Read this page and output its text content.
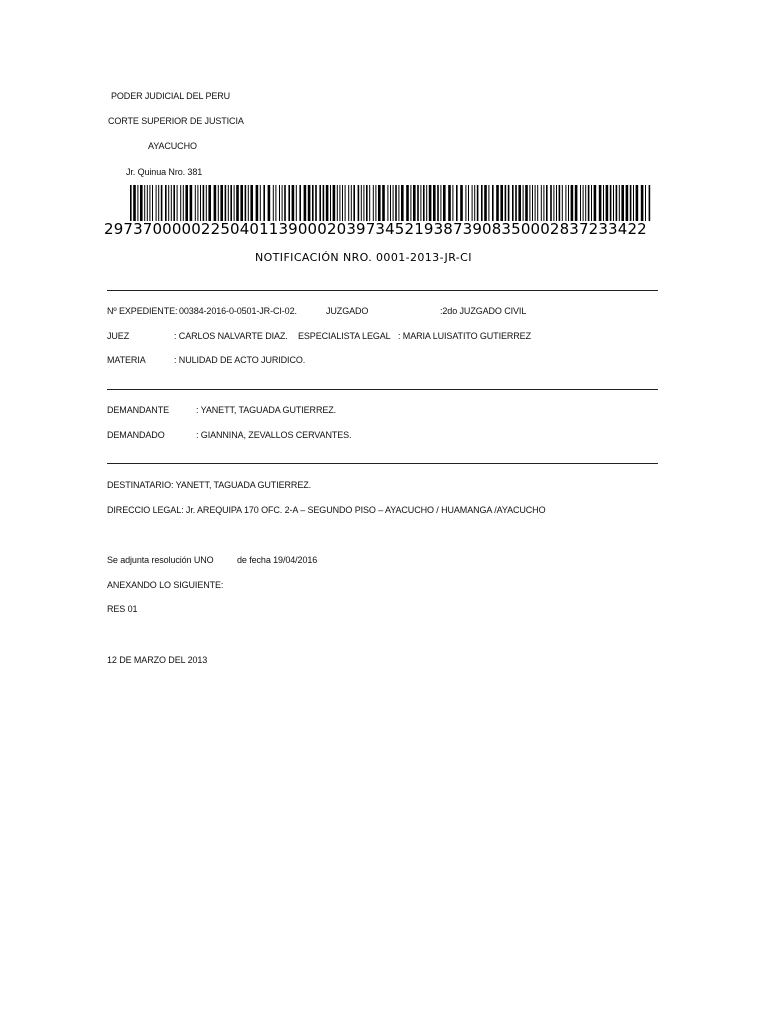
PODER JUDICIAL DEL PERU
CORTE SUPERIOR DE JUSTICIA
AYACUCHO
Jr. Quinua Nro. 381
29737000002250401139000203973452193873908350002837233422
NOTIFICACIÓN NRO. 0001-2013-JR-CI
Nº EXPEDIENTE: 00384-2016-0-0501-JR-CI-02.	JUZGADO	:2do JUZGADO CIVIL
JUEZ	: CARLOS NALVARTE DIAZ. ESPECIALISTA LEGAL : MARIA LUISATITO GUTIERREZ
MATERIA	: NULIDAD DE ACTO JURIDICO.
DEMANDANTE	: YANETT, TAGUADA GUTIERREZ.
DEMANDADO	: GIANNINA, ZEVALLOS CERVANTES.
DESTINATARIO: YANETT, TAGUADA GUTIERREZ.
DIRECCIO LEGAL: Jr. AREQUIPA 170 OFC. 2-A – SEGUNDO PISO – AYACUCHO / HUAMANGA /AYACUCHO
Se adjunta resolución UNO	de fecha 19/04/2016
ANEXANDO LO SIGUIENTE:
RES 01
12 DE MARZO DEL 2013
